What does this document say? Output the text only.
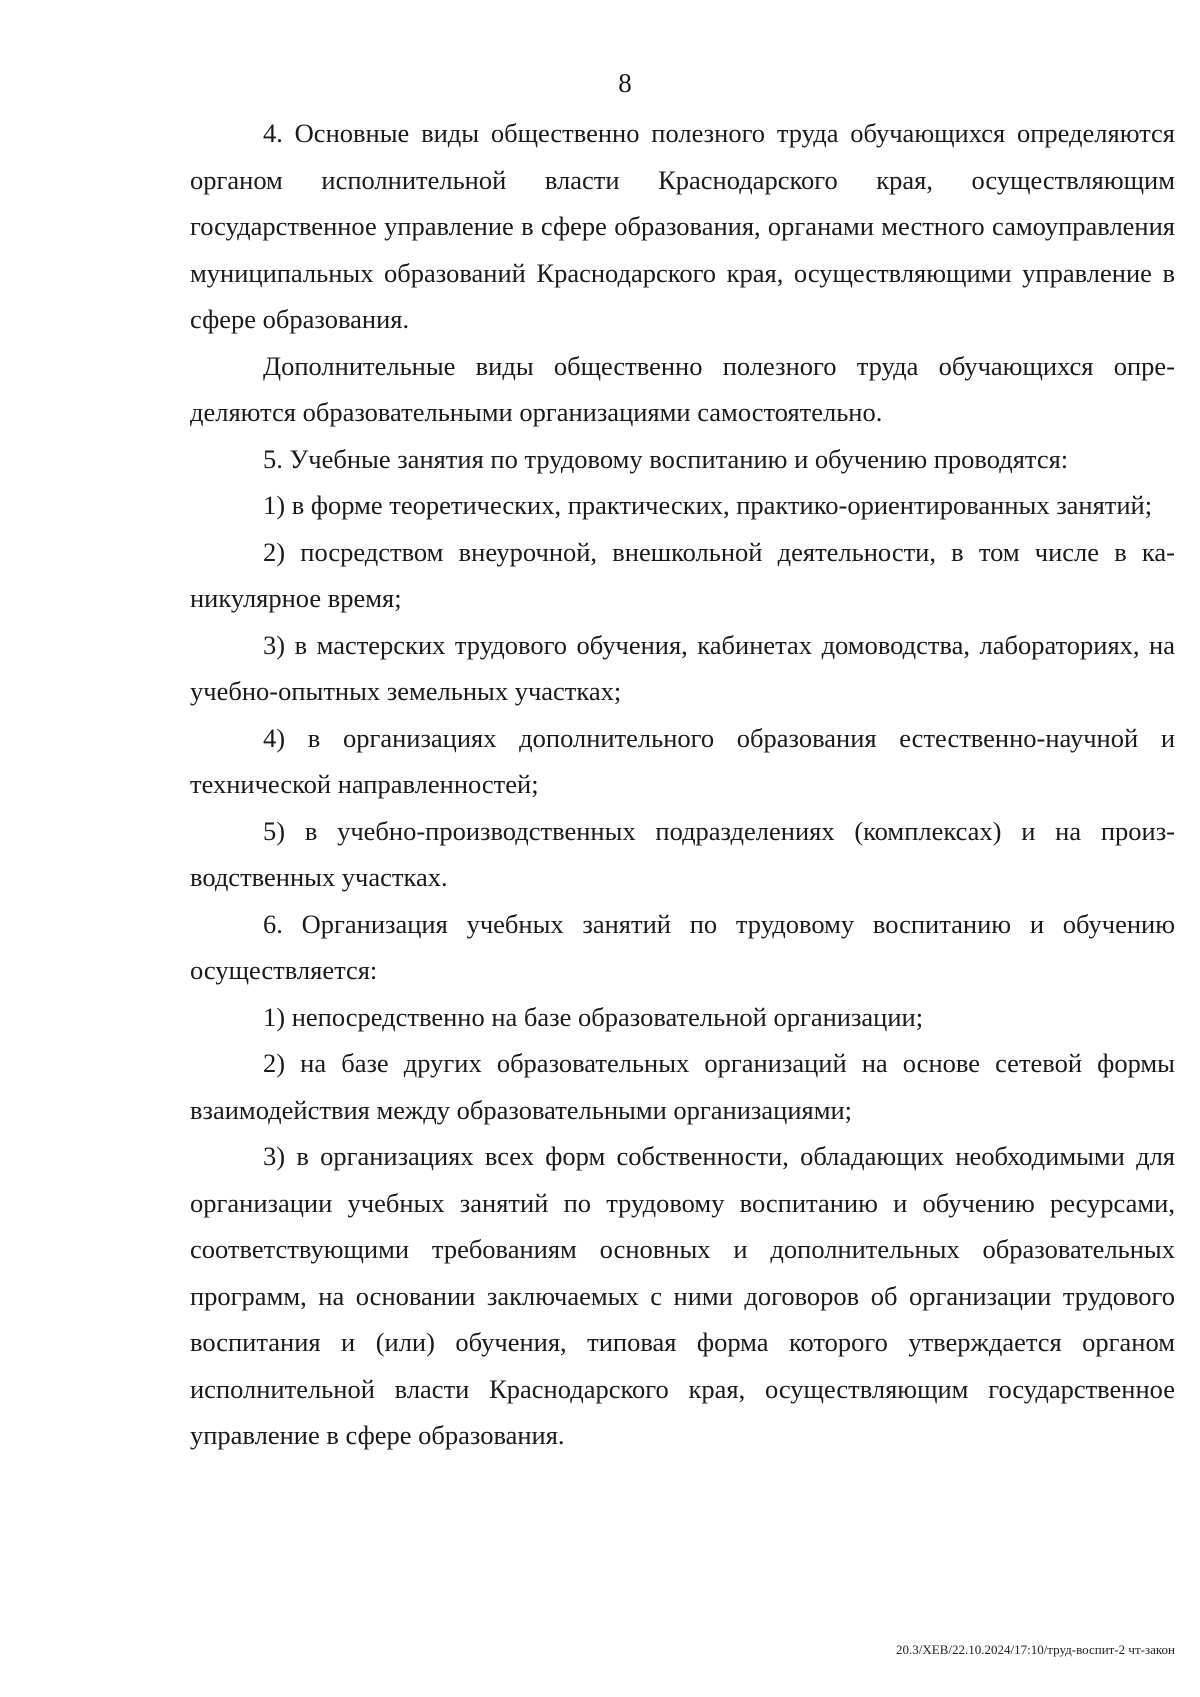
8

4. Основные виды общественно полезного труда обучающихся определяются органом исполнительной власти Краснодарского края, осуществляющим государственное управление в сфере образования, органами местного самоуправления муниципальных образований Краснодарского края, осуществляющими управление в сфере образования.

Дополнительные виды общественно полезного труда обучающихся определяются образовательными организациями самостоятельно.

5. Учебные занятия по трудовому воспитанию и обучению проводятся:

1) в форме теоретических, практических, практико-ориентированных занятий;

2) посредством внеурочной, внешкольной деятельности, в том числе в каникулярное время;

3) в мастерских трудового обучения, кабинетах домоводства, лабораториях, на учебно-опытных земельных участках;

4) в организациях дополнительного образования естественно-научной и технической направленностей;

5) в учебно-производственных подразделениях (комплексах) и на производственных участках.

6. Организация учебных занятий по трудовому воспитанию и обучению осуществляется:

1) непосредственно на базе образовательной организации;

2) на базе других образовательных организаций на основе сетевой формы взаимодействия между образовательными организациями;

3) в организациях всех форм собственности, обладающих необходимыми для организации учебных занятий по трудовому воспитанию и обучению ресурсами, соответствующими требованиям основных и дополнительных образовательных программ, на основании заключаемых с ними договоров об организации трудового воспитания и (или) обучения, типовая форма которого утверждается органом исполнительной власти Краснодарского края, осуществляющим государственное управление в сфере образования.

20.3/ХЕВ/22.10.2024/17:10/труд-воспит-2 чт-закон
